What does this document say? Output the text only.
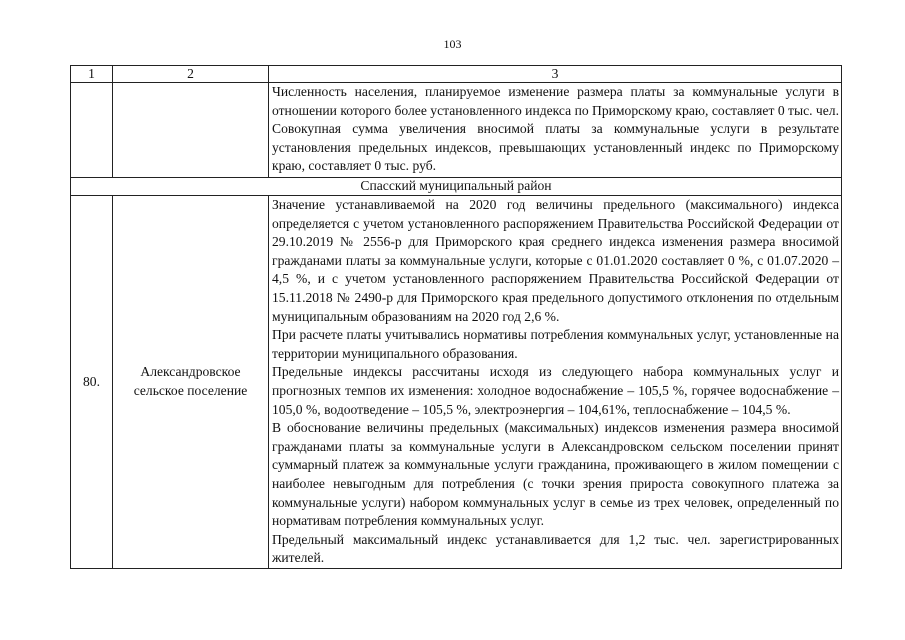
103
1	2	3

		Численность населения, планируемое изменение размера платы за коммунальные услуги в отношении которого более установленного индекса по Приморскому краю, составляет 0 тыс. чел. Совокупная сумма увеличения вносимой платы за коммунальные услуги в результате установления предельных индексов, превышающих установленный индекс по Приморскому краю, составляет 0 тыс. руб.

Спасский муниципальный район		
80.	Александровское сельское поселение	Значение устанавливаемой на 2020 год величины предельного (максимального) индекса определяется с учетом установленного распоряжением Правительства Российской Федерации от 29.10.2019 № 2556-р для Приморского края среднего индекса изменения размера вносимой гражданами платы за коммунальные услуги, которые с 01.01.2020 составляет 0 %, с 01.07.2020 – 4,5 %, и с учетом установленного распоряжением Правительства Российской Федерации от 15.11.2018 № 2490-р для Приморского края предельного допустимого отклонения по отдельным муниципальным образованиям на 2020 год 2,6 %.

При расчете платы учитывались нормативы потребления коммунальных услуг, установленные на территории муниципального образования.

Предельные индексы рассчитаны исходя из следующего набора коммунальных услуг и прогнозных темпов их изменения: холодное водоснабжение – 105,5 %, горячее водоснабжение – 105,0 %, водоотведение – 105,5 %, электроэнергия – 104,61%, теплоснабжение – 104,5 %.

В обоснование величины предельных (максимальных) индексов изменения размера вносимой гражданами платы за коммунальные услуги в Александровском сельском поселении принят суммарный платеж за коммунальные услуги гражданина, проживающего в жилом помещении с наиболее невыгодным для потребления (с точки зрения прироста совокупного платежа за коммунальные услуги) набором коммунальных услуг в семье из трех человек, определенный по нормативам потребления коммунальных услуг.

Предельный максимальный индекс устанавливается для 1,2 тыс. чел. зарегистрированных жителей.
